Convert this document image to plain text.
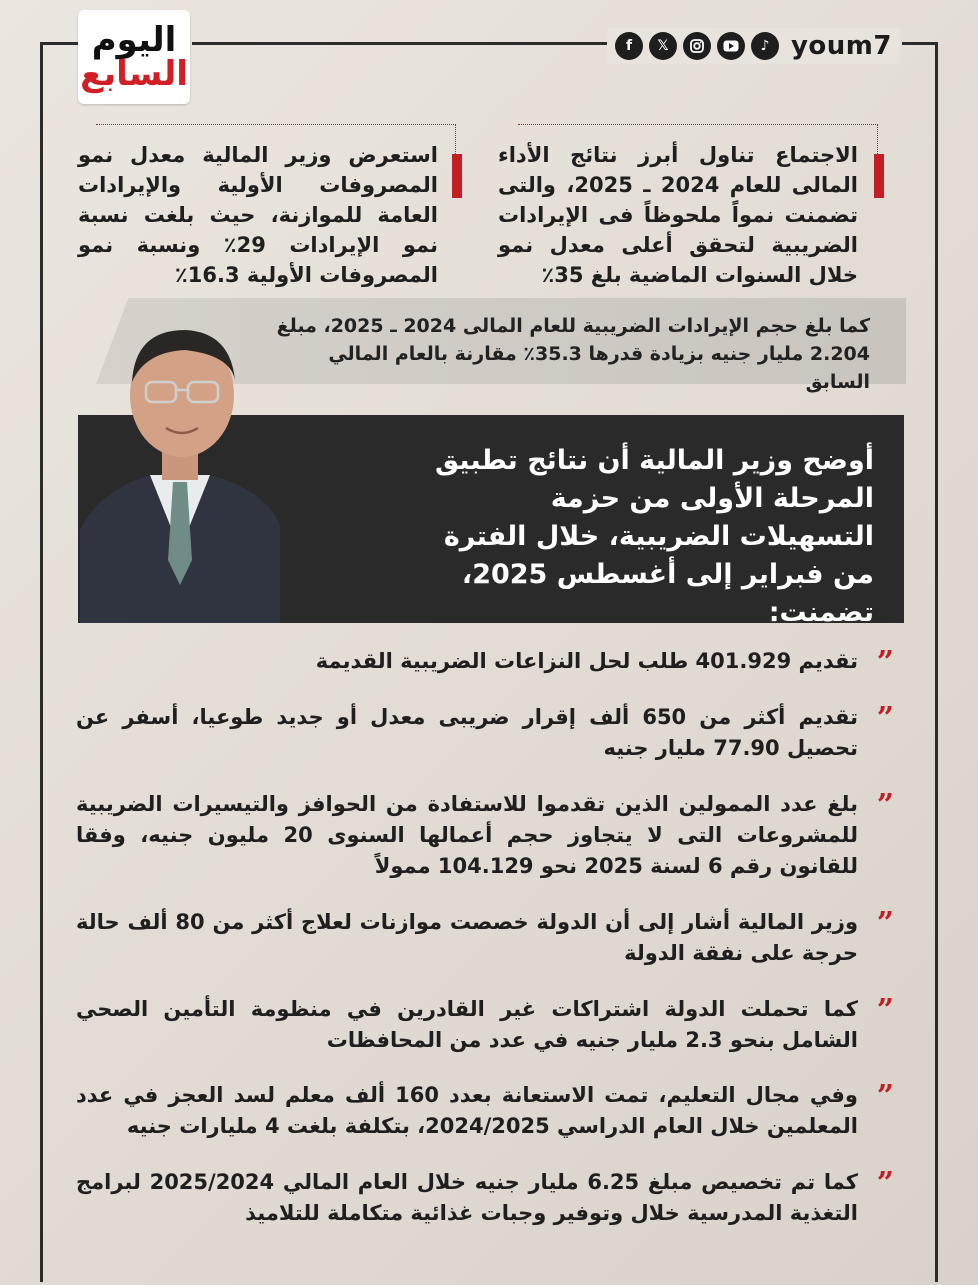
f	𝕏	♪ youm7
اليوم
السابع
الاجتماع تناول أبرز نتائج الأداء المالى للعام 2024 ـ 2025، والتى تضمنت نمواً ملحوظاً فى الإيرادات الضريبية لتحقق أعلى معدل نمو خلال السنوات الماضية بلغ 35٪
استعرض وزير المالية معدل نمو المصروفات الأولية والإيرادات العامة للموازنة، حيث بلغت نسبة نمو الإيرادات 29٪ ونسبة نمو المصروفات الأولية 16.3٪
كما بلغ حجم الإيرادات الضريبية للعام المالى 2024 ـ 2025، مبلغ 2.204 مليار جنيه بزيادة قدرها 35.3٪ مقارنة بالعام المالي السابق
أوضح وزير المالية أن نتائج تطبيق المرحلة الأولى من حزمة التسهيلات الضريبية، خلال الفترة من فبراير إلى أغسطس 2025، تضمنت:
”
تقديم 401.929 طلب لحل النزاعات الضريبية القديمة
”
تقديم أكثر من 650 ألف إقرار ضريبى معدل أو جديد طوعيا، أسفر عن تحصيل 77.90 مليار جنيه
”
بلغ عدد الممولين الذين تقدموا للاستفادة من الحوافز والتيسيرات الضريبية للمشروعات التى لا يتجاوز حجم أعمالها السنوى 20 مليون جنيه، وفقا للقانون رقم 6 لسنة 2025 نحو 104.129 ممولاً
”
وزير المالية أشار إلى أن الدولة خصصت موازنات لعلاج أكثر من 80 ألف حالة حرجة على نفقة الدولة
”
كما تحملت الدولة اشتراكات غير القادرين في منظومة التأمين الصحي الشامل بنحو 2.3 مليار جنيه في عدد من المحافظات
”
وفي مجال التعليم، تمت الاستعانة بعدد 160 ألف معلم لسد العجز في عدد المعلمين خلال العام الدراسي 2024/2025، بتكلفة بلغت 4 مليارات جنيه
”
كما تم تخصيص مبلغ 6.25 مليار جنيه خلال العام المالي 2025/2024 لبرامج التغذية المدرسية خلال وتوفير وجبات غذائية متكاملة للتلاميذ
